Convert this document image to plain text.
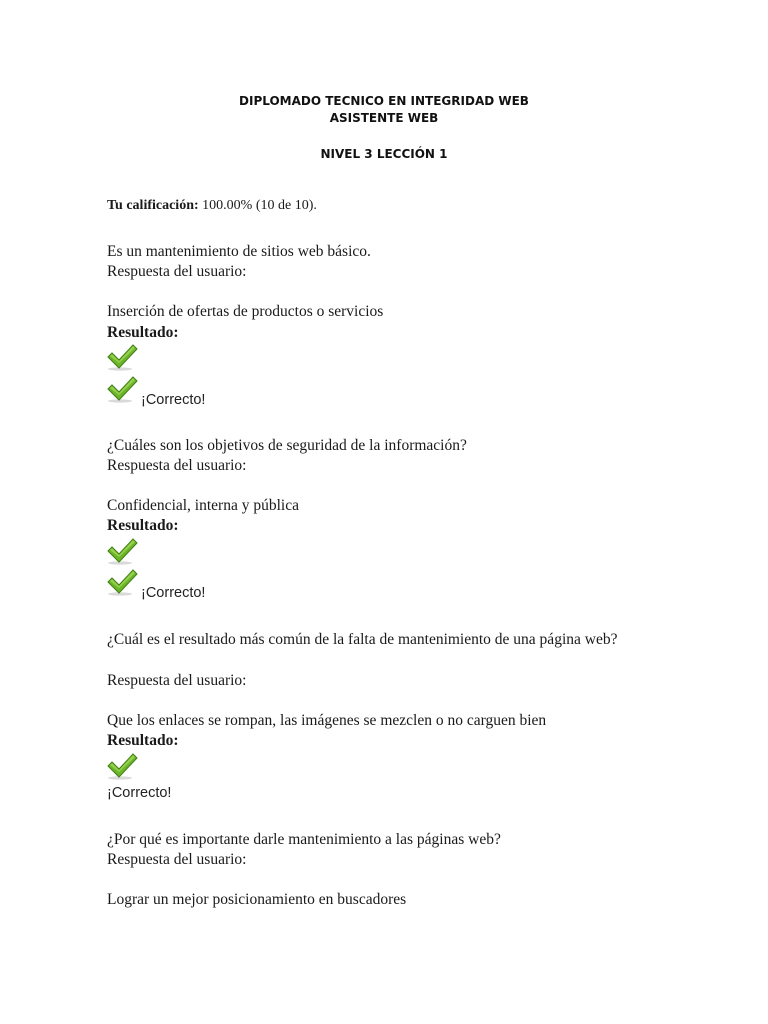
DIPLOMADO TECNICO EN INTEGRIDAD WEB
ASISTENTE WEB
NIVEL 3 LECCIÓN 1
Tu calificación: 100.00% (10 de 10).
Es un mantenimiento de sitios web básico.
Respuesta del usuario:
Inserción de ofertas de productos o servicios
Resultado:
¡Correcto!
¿Cuáles son los objetivos de seguridad de la información?
Respuesta del usuario:
Confidencial, interna y pública
Resultado:
¡Correcto!
¿Cuál es el resultado más común de la falta de mantenimiento de una página web?
Respuesta del usuario:
Que los enlaces se rompan, las imágenes se mezclen o no carguen bien
Resultado:
¡Correcto!
¿Por qué es importante darle mantenimiento a las páginas web?
Respuesta del usuario:
Lograr un mejor posicionamiento en buscadores
